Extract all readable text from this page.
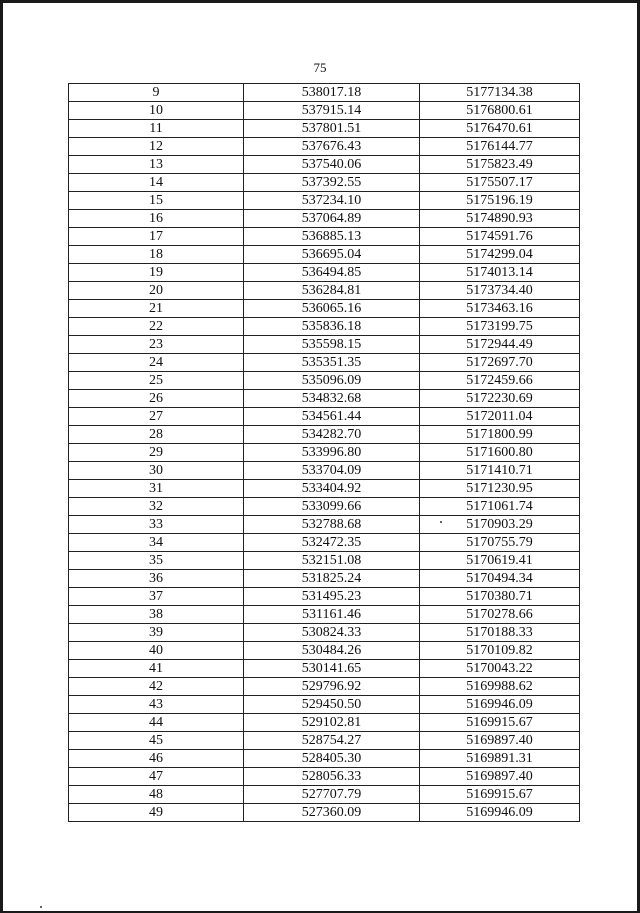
75
9	538017.18	5177134.38
10	537915.14	5176800.61
11	537801.51	5176470.61
12	537676.43	5176144.77
13	537540.06	5175823.49
14	537392.55	5175507.17
15	537234.10	5175196.19
16	537064.89	5174890.93
17	536885.13	5174591.76
18	536695.04	5174299.04
19	536494.85	5174013.14
20	536284.81	5173734.40
21	536065.16	5173463.16
22	535836.18	5173199.75
23	535598.15	5172944.49
24	535351.35	5172697.70
25	535096.09	5172459.66
26	534832.68	5172230.69
27	534561.44	5172011.04
28	534282.70	5171800.99
29	533996.80	5171600.80
30	533704.09	5171410.71
31	533404.92	5171230.95
32	533099.66	5171061.74
33	532788.68	5170903.29
34	532472.35	5170755.79
35	532151.08	5170619.41
36	531825.24	5170494.34
37	531495.23	5170380.71
38	531161.46	5170278.66
39	530824.33	5170188.33
40	530484.26	5170109.82
41	530141.65	5170043.22
42	529796.92	5169988.62
43	529450.50	5169946.09
44	529102.81	5169915.67
45	528754.27	5169897.40
46	528405.30	5169891.31
47	528056.33	5169897.40
48	527707.79	5169915.67
49	527360.09	5169946.09
